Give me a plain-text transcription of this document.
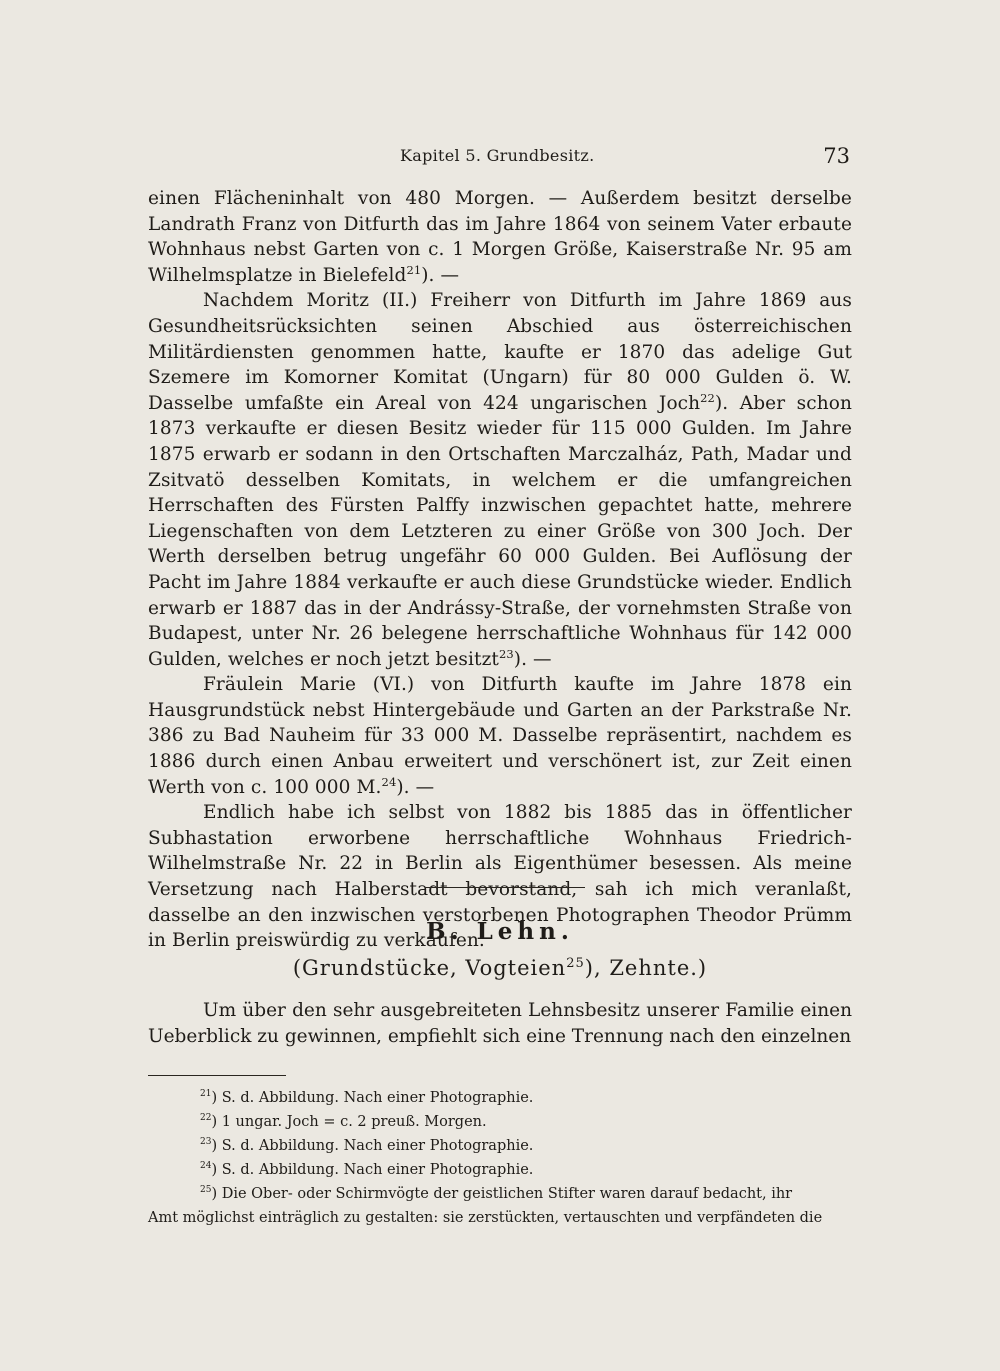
Kapitel 5. Grundbesitz.	73

einen Flächeninhalt von 480 Morgen. — Außerdem besitzt derselbe Landrath Franz von Ditfurth das im Jahre 1864 von seinem Vater erbaute Wohnhaus nebst Garten von c. 1 Morgen Größe, Kaiserstraße Nr. 95 am Wilhelmsplatze in Bielefeld$^{21}$). —

Nachdem Moritz (II.) Freiherr von Ditfurth im Jahre 1869 aus Gesundheitsrücksichten seinen Abschied aus österreichischen Militärdiensten genommen hatte, kaufte er 1870 das adelige Gut Szemere im Komorner Komitat (Ungarn) für 80 000 Gulden ö. W. Dasselbe umfaßte ein Areal von 424 ungarischen Joch$^{22}$). Aber schon 1873 verkaufte er diesen Besitz wieder für 115 000 Gulden. Im Jahre 1875 erwarb er sodann in den Ortschaften Marczalház, Path, Madar und Zsitvatö desselben Komitats, in welchem er die umfangreichen Herrschaften des Fürsten Palffy inzwischen gepachtet hatte, mehrere Liegenschaften von dem Letzteren zu einer Größe von 300 Joch. Der Werth derselben betrug ungefähr 60 000 Gulden. Bei Auflösung der Pacht im Jahre 1884 verkaufte er auch diese Grundstücke wieder. Endlich erwarb er 1887 das in der Andrássy-Straße, der vornehmsten Straße von Budapest, unter Nr. 26 belegene herrschaftliche Wohnhaus für 142 000 Gulden, welches er noch jetzt besitzt$^{23}$). —

Fräulein Marie (VI.) von Ditfurth kaufte im Jahre 1878 ein Hausgrundstück nebst Hintergebäude und Garten an der Parkstraße Nr. 386 zu Bad Nauheim für 33 000 M. Dasselbe repräsentirt, nachdem es 1886 durch einen Anbau erweitert und verschönert ist, zur Zeit einen Werth von c. 100 000 M.$^{24}$). —

Endlich habe ich selbst von 1882 bis 1885 das in öffentlicher Subhastation erworbene herrschaftliche Wohnhaus Friedrich-Wilhelmstraße Nr. 22 in Berlin als Eigenthümer besessen. Als meine Versetzung nach Halberstadt bevorstand, sah ich mich veranlaßt, dasselbe an den inzwischen verstorbenen Photographen Theodor Prümm in Berlin preiswürdig zu verkaufen.

B. Lehn.
(Grundstücke, Vogteien$^{25}$), Zehnte.)

Um über den sehr ausgebreiteten Lehnsbesitz unserer Familie einen Ueberblick zu gewinnen, empfiehlt sich eine Trennung nach den einzelnen

$^{21}$) S. d. Abbildung. Nach einer Photographie.
$^{22}$) 1 ungar. Joch = c. 2 preuß. Morgen.
$^{23}$) S. d. Abbildung. Nach einer Photographie.
$^{24}$) S. d. Abbildung. Nach einer Photographie.
$^{25}$) Die Ober- oder Schirmvögte der geistlichen Stifter waren darauf bedacht, ihr
Amt möglichst einträglich zu gestalten: sie zerstückten, vertauschten und verpfändeten die
